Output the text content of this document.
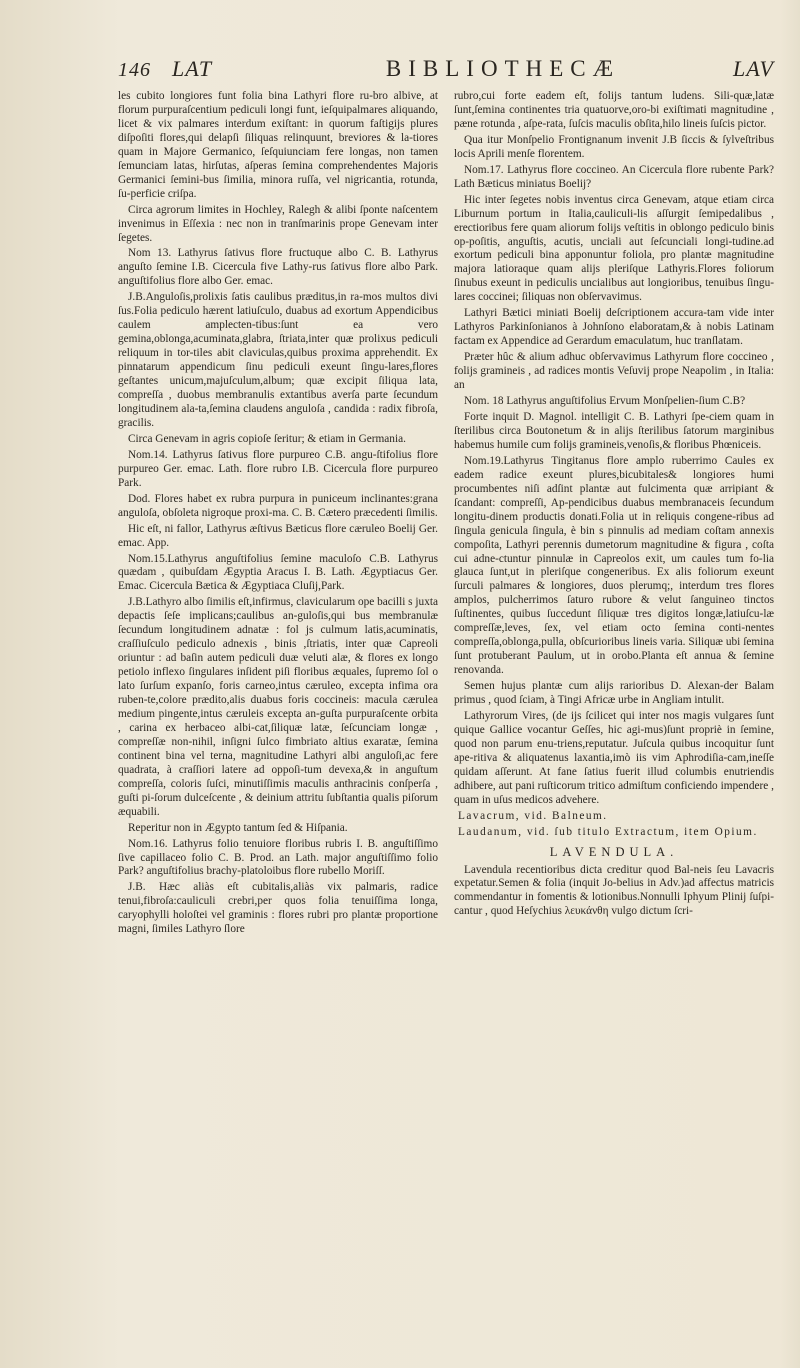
146 LAT	BIBLIOTHECÆ	LAV

les cubito longiores funt folia bina Lathyri flore ru-bro albive, at florum purpuraſcentium pediculi longi funt, ieſquipalmares aliquando, licet & vix palmares interdum exiſtant: in quorum faſtigijs plures diſpoſiti flores,qui delapſi ſiliquas relinquunt, breviores & la-tiores quam in Majore Germanico, ſeſquiunciam fere longas, non tamen ſemunciam latas, hirſutas, aſperas ſemina comprehendentes Majoris Germanici ſemini-bus ſimilia, minora ruſſa, vel nigricantia, rotunda, ſu-perficie criſpa.

Circa agrorum limites in Hochley, Ralegh & alibi ſponte naſcentem invenimus in Eſſexia : nec non in tranſmarinis prope Genevam inter ſegetes.

Nom 13. Lathyrus ſativus flore fructuque albo C. B. Lathyrus anguſto ſemine I.B. Cicercula five Lathy-rus ſativus flore albo Park. anguſtifolius flore albo Ger. emac.

J.B.Anguloſis,prolixis ſatis caulibus præditus,in ra-mos multos divi ſus.Folia pediculo hærent latiuſculo, duabus ad exortum Appendicibus caulem amplecten-tibus:ſunt ea vero gemina,oblonga,acuminata,glabra, ſtriata,inter quæ prolixus pediculi reliquum in tor-tiles abit claviculas,quibus proxima apprehendit. Ex pinnatarum appendicum ſinu pediculi exeunt ſingu-lares,flores geſtantes unicum,majuſculum,album; quæ excipit ſiliqua lata, compreſſa , duobus membranulis extantibus averſa parte ſecundum longitudinem ala-ta,ſemina claudens anguloſa , candida : radix fibroſa, gracilis.

Circa Genevam in agris copioſe ſeritur; & etiam in Germania.

Nom.14. Lathyrus ſativus flore purpureo C.B. angu-ſtifolius flore purpureo Ger. emac. Lath. flore rubro I.B. Cicercula flore purpureo Park.

Dod. Flores habet ex rubra purpura in puniceum inclinantes:grana anguloſa, obſoleta nigroque proxi-ma. C. B. Cætero præcedenti ſimilis.

Hic eſt, ni fallor, Lathyrus æſtivus Bæticus flore cæruleo Boelij Ger. emac. App.

Nom.15.Lathyrus anguſtifolius ſemine maculoſo C.B. Lathyrus quædam , quibuſdam Ægyptia Aracus I. B. Lath. Ægyptiacus Ger. Emac. Cicercula Bætica & Ægyptiaca Cluſij,Park.

J.B.Lathyro albo ſimilis eſt,infirmus, clavicularum ope bacilli s juxta depactis ſeſe implicans;caulibus an-guloſis,qui bus membranulæ ſecundum longitudinem adnatæ : fol js culmum latis,acuminatis, craſſiuſculo pediculo adnexis , binis ,ſtriatis, inter quæ Capreoli oriuntur : ad baſin autem pediculi duæ veluti alæ, & flores ex longo petiolo inflexo ſingulares inſident piſi floribus æquales, ſupremo ſol o lato ſurſum expanſo, foris carneo,intus cæruleo, excepta infima ora ruben-te,colore prædito,alis duabus foris coccineis: macula cærulea medium pingente,intus cæruleis excepta an-guſta purpuraſcente orbita , carina ex herbaceo albi-cat,ſiliquæ latæ, ſeſcunciam longæ , compreſſæ non-nihil, inſigni ſulco fimbriato altius exaratæ, ſemina continent bina vel terna, magnitudine Lathyri albi anguloſi,ac fere quadrata, à craſſiori latere ad oppoſi-tum devexa,& in anguſtum compreſſa, coloris ſuſci, minutiſſimis maculis anthracinis conſperſa , guſti pi-ſorum dulceſcente , & deinium attritu ſubſtantia qualis piſorum æquabili.

Reperitur non in Ægypto tantum ſed & Hiſpania.

Nom.16. Lathyrus folio tenuiore floribus rubris I. B. anguſtiſſimo ſive capillaceo folio C. B. Prod. an Lath. major anguſtiſſimo folio Park? anguſtifolius brachy-platoloibus flore rubello Moriſſ.

J.B. Hæc aliàs eſt cubitalis,aliàs vix palmaris, radice tenui,fibroſa:cauliculi crebri,per quos folia tenuiſſima longa, caryophylli holoſtei vel graminis : flores rubri pro plantæ proportione magni, ſimiles Lathyro ſlore

rubro,cui forte eadem eſt, folijs tantum ludens. Sili-quæ,latæ ſunt,ſemina continentes tria quatuorve,oro-bi exiſtimati magnitudine , pæne rotunda , aſpe-rata, ſuſcis maculis obſita,hilo lineis ſuſcis pictor.

Qua itur Monſpelio Frontignanum invenit J.B ſiccis & ſylveſtribus locis Aprili menſe florentem.

Nom.17. Lathyrus flore coccineo. An Cicercula flore rubente Park? Lath Bæticus miniatus Boelij?

Hic inter ſegetes nobis inventus circa Genevam, atque etiam circa Liburnum portum in Italia,cauliculi-lis aſſurgit ſemipedalibus , erectioribus fere quam aliorum folijs veſtitis in oblongo pediculo binis op-poſitis, anguſtis, acutis, unciali aut ſeſcunciali longi-tudine.ad exortum pediculi bina apponuntur foliola, pro plantæ magnitudine majora latioraque quam alijs pleriſque Lathyris.Flores foliorum ſinubus exeunt in pediculis uncialibus aut longioribus, tenuibus ſingu-lares coccinei; ſiliquas non obſervavimus.

Lathyri Bætici miniati Boelij deſcriptionem accura-tam vide inter Lathyros Parkinſonianos à Johnſono elaboratam,& à nobis Latinam factam ex Appendice ad Gerardum emaculatum, huc tranſlatam.

Præter hûc & alium adhuc obſervavimus Lathyrum flore coccineo , folijs gramineis , ad radices montis Veſuvij prope Neapolim , in Italia: an

Nom. 18 Lathyrus anguſtifolius Ervum Monſpelien-ſium C.B?

Forte inquit D. Magnol. intelligit C. B. Lathyri ſpe-ciem quam in ſterilibus circa Boutonetum & in alijs ſterilibus ſatorum marginibus habemus humile cum folijs gramineis,venoſis,& floribus Phœniceis.

Nom.19.Lathyrus Tingitanus flore amplo ruberrimo Caules ex eadem radice exeunt plures,bicubitales& longiores humi procumbentes niſi adſint plantæ aut fulcimenta quæ arripiant & ſcandant: compreſſi, Ap-pendicibus duabus membranaceis ſecundum longitu-dinem productis donati.Folia ut in reliquis congene-ribus ad ſingula genicula ſingula, è bin s pinnulis ad mediam coſtam annexis compoſita, Lathyri perennis dumetorum magnitudine & figura , coſta cui adne-ctuntur pinnulæ in Capreolos exit, um caules tum fo-lia glauca ſunt,ut in pleriſque congeneribus. Ex alis foliorum exeunt ſurculi palmares & longiores, duos plerumq;, interdum tres flores amplos, pulcherrimos ſaturo rubore & velut ſanguineo tinctos ſuſtinentes, quibus ſuccedunt ſiliquæ tres digitos longæ,latiuſcu-læ compreſſæ,leves, ſex, vel etiam octo ſemina conti-nentes compreſſa,oblonga,pulla, obſcurioribus lineis varia. Siliquæ ubi ſemina ſunt protuberant Paulum, ut in orobo.Planta eſt annua & ſemine renovanda.

Semen hujus plantæ cum alijs rarioribus D. Alexan-der Balam primus , quod ſciam, à Tingi Africæ urbe in Angliam intulit.

Lathyrorum Vires, (de ijs ſcilicet qui inter nos magis vulgares ſunt quique Gallice vocantur Geſſes, hic agi-mus)ſunt propriè in ſemine, quod non parum enu-triens,reputatur. Juſcula quibus incoquitur ſunt ape-ritiva & aliquatenus laxantia,imò iis vim Aphrodiſia-cam,ineſſe quidam aſſerunt. At fane ſatius fuerit illud columbis enutriendis adhibere, aut pani ruſticorum tritico admiſtum conficiendo impendere , quam in uſus medicos advehere.

Lavacrum, vid. Balneum.

Laudanum, vid. ſub titulo Extractum, item Opium.

LAVENDULA.

Lavendula recentioribus dicta creditur quod Bal-neis ſeu Lavacris expetatur.Semen & folia (inquit Jo-belius in Adv.)ad affectus matricis commendantur in fomentis & lotionibus.Nonnulli Iphyum Plinij ſuſpi-cantur , quod Heſychius λευκάνθη vulgo dictum ſcri-
